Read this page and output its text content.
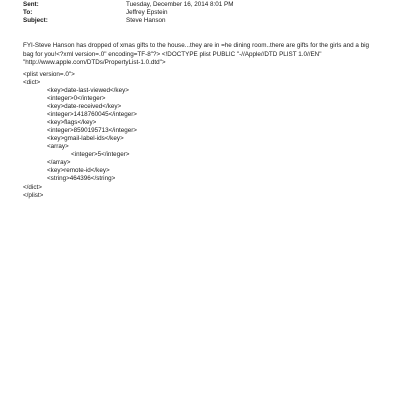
Sent:	Tuesday, December 16, 2014 8:01 PM
To:	Jeffrey Epstein
Subject:	Steve Hanson

FYI-Steve Hanson has dropped of xmas gifts to the house...they are in =he dining room..there are gifts for the girls and a big bag for you!<?xml version=.0" encoding=TF-8"?> <!DOCTYPE plist PUBLIC "-//Apple//DTD PLIST 1.0//EN" "http://www.apple.com/DTDs/PropertyList-1.0.dtd">

<plist version=.0">
<dict>
<key>date-last-viewed</key>
<integer>0</integer>
<key>date-received</key>
<integer>1418760045</integer>
<key>flags</key>
<integer>8590195713</integer>
<key>gmail-label-ids</key>
<array>
<integer>5</integer>
</array>
<key>remote-id</key>
<string>464396</string>
</dict>
</plist>
